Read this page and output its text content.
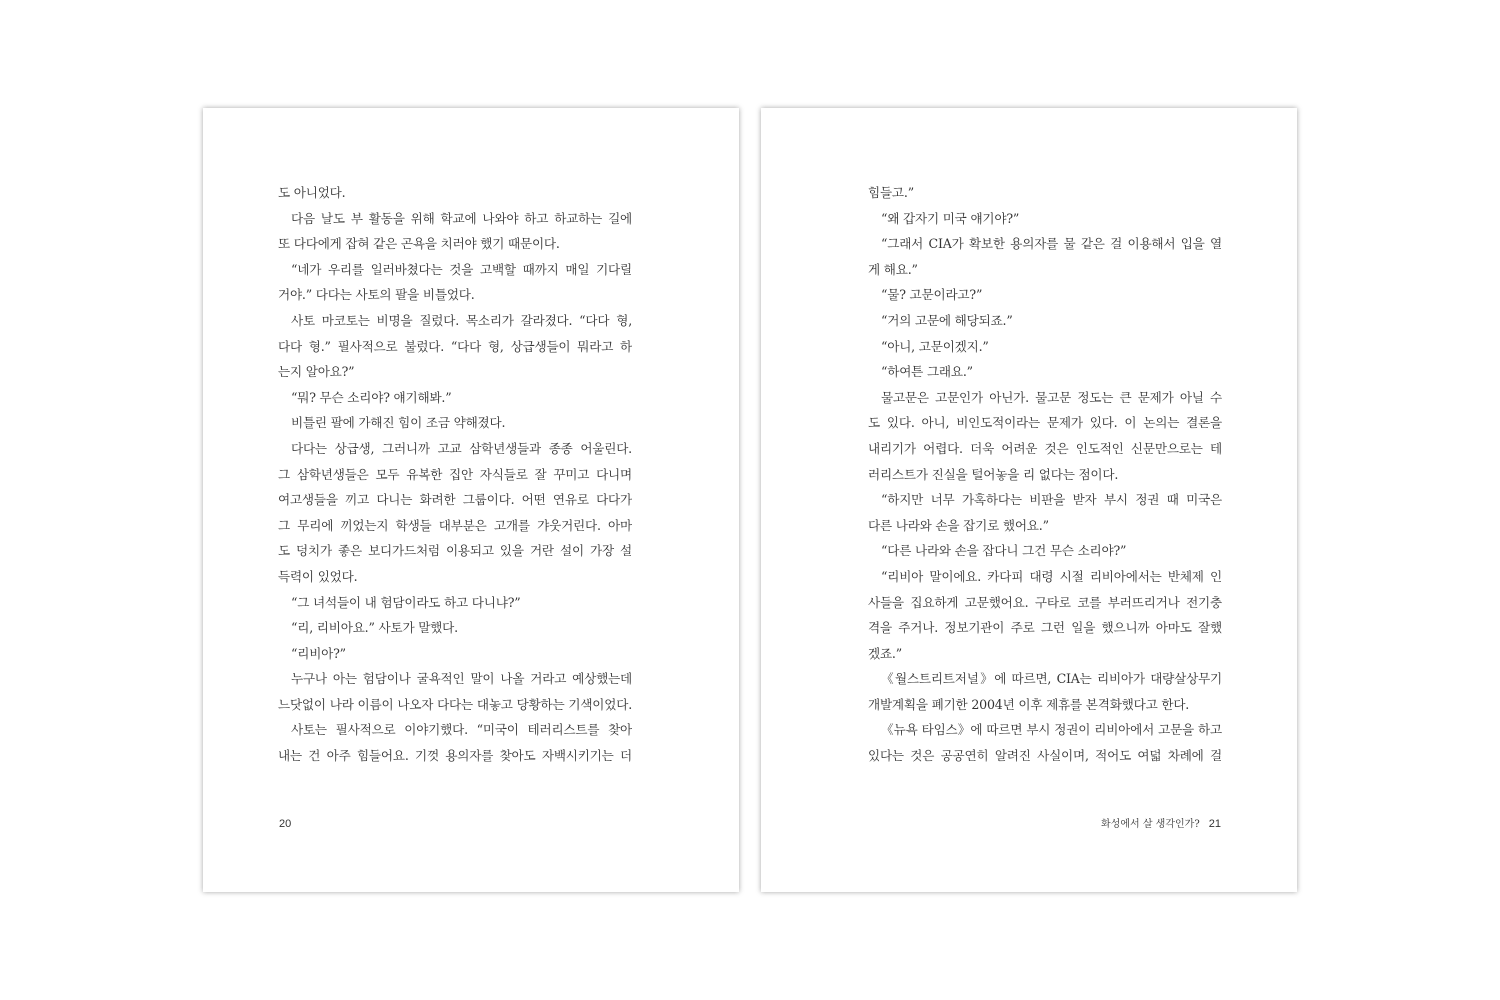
도 아니었다.
다음 날도 부 활동을 위해 학교에 나와야 하고 하교하는 길에
또 다다에게 잡혀 같은 곤욕을 치러야 했기 때문이다.
“네가 우리를 일러바쳤다는 것을 고백할 때까지 매일 기다릴
거야.” 다다는 사토의 팔을 비틀었다.
사토 마코토는 비명을 질렀다. 목소리가 갈라졌다. “다다 형,
다다 형.” 필사적으로 불렀다. “다다 형, 상급생들이 뭐라고 하
는지 알아요?”
“뭐? 무슨 소리야? 얘기해봐.”
비틀린 팔에 가해진 힘이 조금 약해졌다.
다다는 상급생, 그러니까 고교 삼학년생들과 종종 어울린다.
그 삼학년생들은 모두 유복한 집안 자식들로 잘 꾸미고 다니며
여고생들을 끼고 다니는 화려한 그룹이다. 어떤 연유로 다다가
그 무리에 끼었는지 학생들 대부분은 고개를 갸웃거린다. 아마
도 덩치가 좋은 보디가드처럼 이용되고 있을 거란 설이 가장 설
득력이 있었다.
“그 녀석들이 내 험담이라도 하고 다니냐?”
“리, 리비아요.” 사토가 말했다.
“리비아?”
누구나 아는 험담이나 굴욕적인 말이 나올 거라고 예상했는데
느닷없이 나라 이름이 나오자 다다는 대놓고 당황하는 기색이었다.
사토는 필사적으로 이야기했다. “미국이 테러리스트를 찾아
내는 건 아주 힘들어요. 기껏 용의자를 찾아도 자백시키기는 더
20
힘들고.”
“왜 갑자기 미국 얘기야?”
“그래서 CIA가 확보한 용의자를 물 같은 걸 이용해서 입을 열
게 해요.”
“물? 고문이라고?”
“거의 고문에 해당되죠.”
“아니, 고문이겠지.”
“하여튼 그래요.”
물고문은 고문인가 아닌가. 물고문 정도는 큰 문제가 아닐 수
도 있다. 아니, 비인도적이라는 문제가 있다. 이 논의는 결론을
내리기가 어렵다. 더욱 어려운 것은 인도적인 신문만으로는 테
러리스트가 진실을 털어놓을 리 없다는 점이다.
“하지만 너무 가혹하다는 비판을 받자 부시 정권 때 미국은
다른 나라와 손을 잡기로 했어요.”
“다른 나라와 손을 잡다니 그건 무슨 소리야?”
“리비아 말이에요. 카다피 대령 시절 리비아에서는 반체제 인
사들을 집요하게 고문했어요. 구타로 코를 부러뜨리거나 전기충
격을 주거나. 정보기관이 주로 그런 일을 했으니까 아마도 잘했
겠죠.”
《월스트리트저널》에 따르면, CIA는 리비아가 대량살상무기
개발계획을 폐기한 2004년 이후 제휴를 본격화했다고 한다.
《뉴욕 타임스》에 따르면 부시 정권이 리비아에서 고문을 하고
있다는 것은 공공연히 알려진 사실이며, 적어도 여덟 차례에 걸
화성에서 살 생각인가? 21
